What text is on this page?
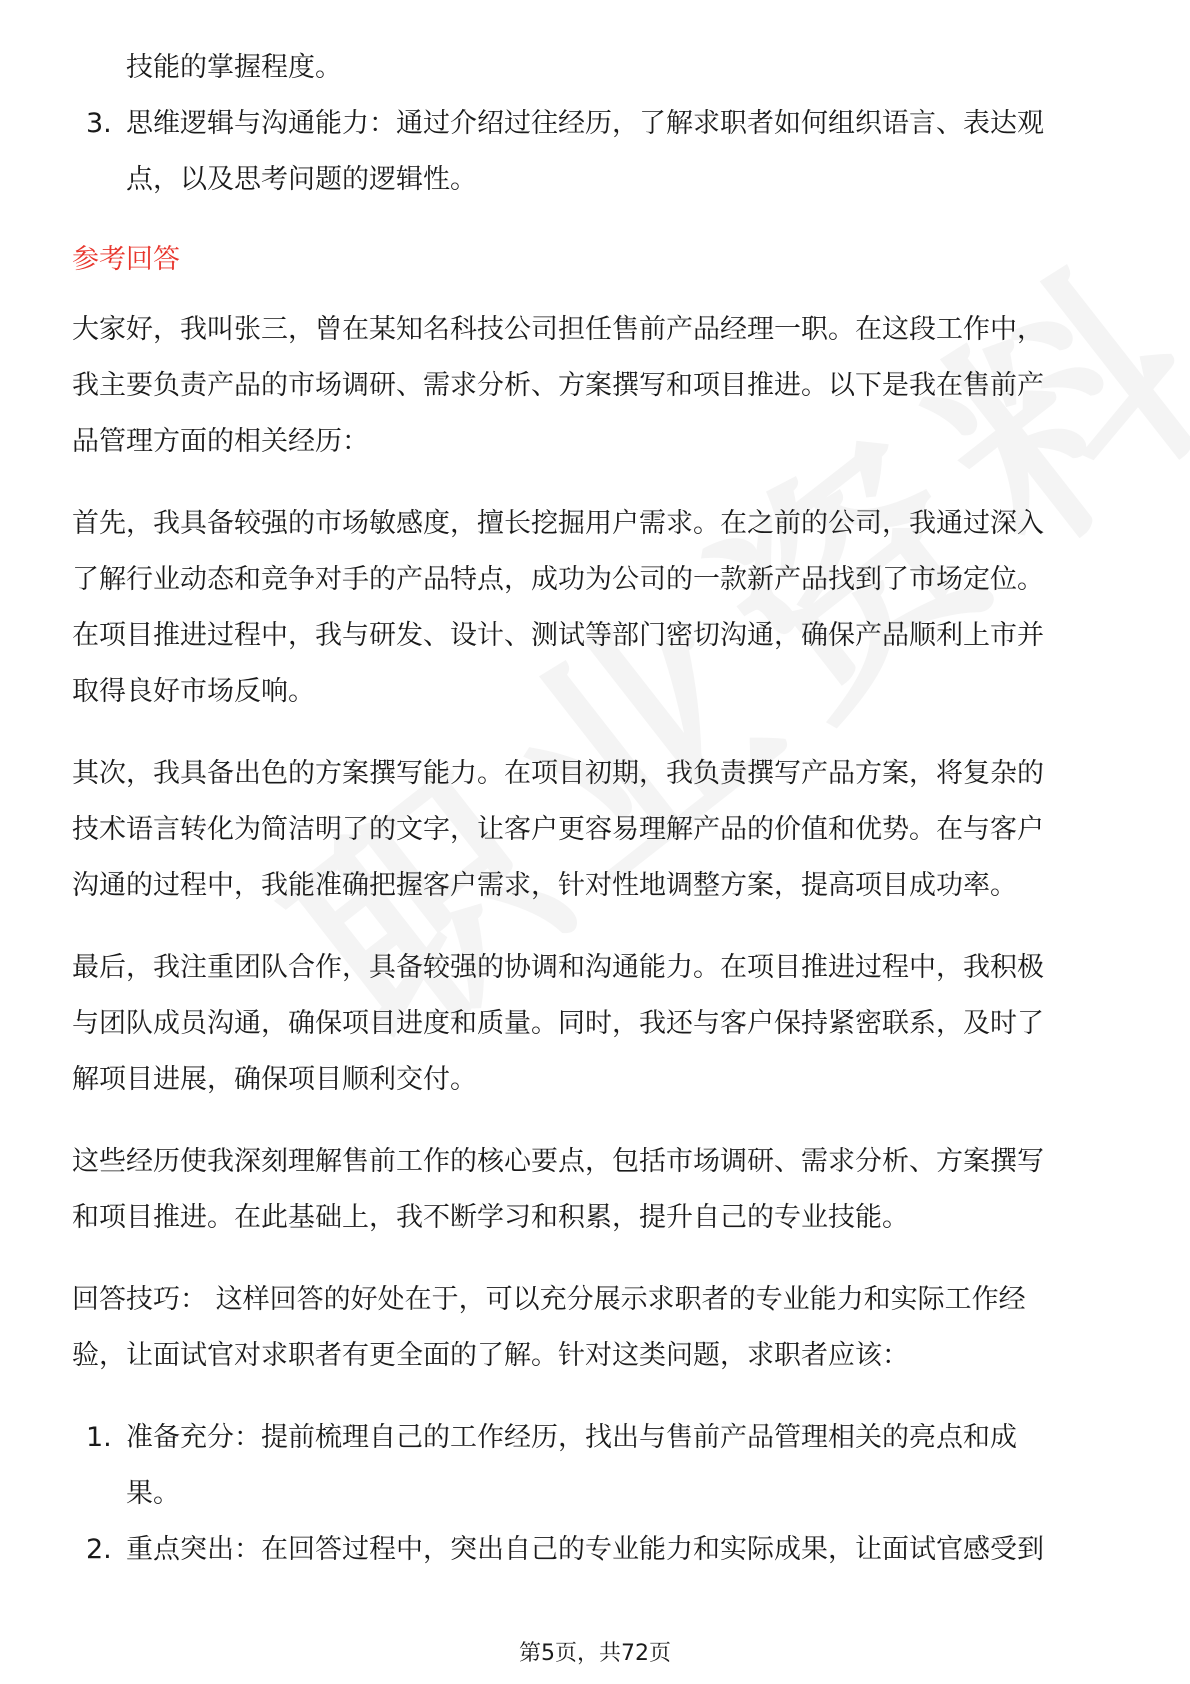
技能的掌握程度。
3. 思维逻辑与沟通能力：通过介绍过往经历，了解求职者如何组织语言、表达观
点，以及思考问题的逻辑性。
参考回答
大家好，我叫张三，曾在某知名科技公司担任售前产品经理一职。在这段工作中，
我主要负责产品的市场调研、需求分析、方案撰写和项目推进。以下是我在售前产
品管理方面的相关经历：
首先，我具备较强的市场敏感度，擅长挖掘用户需求。在之前的公司，我通过深入
了解行业动态和竞争对手的产品特点，成功为公司的一款新产品找到了市场定位。
在项目推进过程中，我与研发、设计、测试等部门密切沟通，确保产品顺利上市并
取得良好市场反响。
其次，我具备出色的方案撰写能力。在项目初期，我负责撰写产品方案，将复杂的
技术语言转化为简洁明了的文字，让客户更容易理解产品的价值和优势。在与客户
沟通的过程中，我能准确把握客户需求，针对性地调整方案，提高项目成功率。
最后，我注重团队合作，具备较强的协调和沟通能力。在项目推进过程中，我积极
与团队成员沟通，确保项目进度和质量。同时，我还与客户保持紧密联系，及时了
解项目进展，确保项目顺利交付。
这些经历使我深刻理解售前工作的核心要点，包括市场调研、需求分析、方案撰写
和项目推进。在此基础上，我不断学习和积累，提升自己的专业技能。
回答技巧： 这样回答的好处在于，可以充分展示求职者的专业能力和实际工作经
验，让面试官对求职者有更全面的了解。针对这类问题，求职者应该：
1. 准备充分：提前梳理自己的工作经历，找出与售前产品管理相关的亮点和成
果。
2. 重点突出：在回答过程中，突出自己的专业能力和实际成果，让面试官感受到
第5页，共72页
